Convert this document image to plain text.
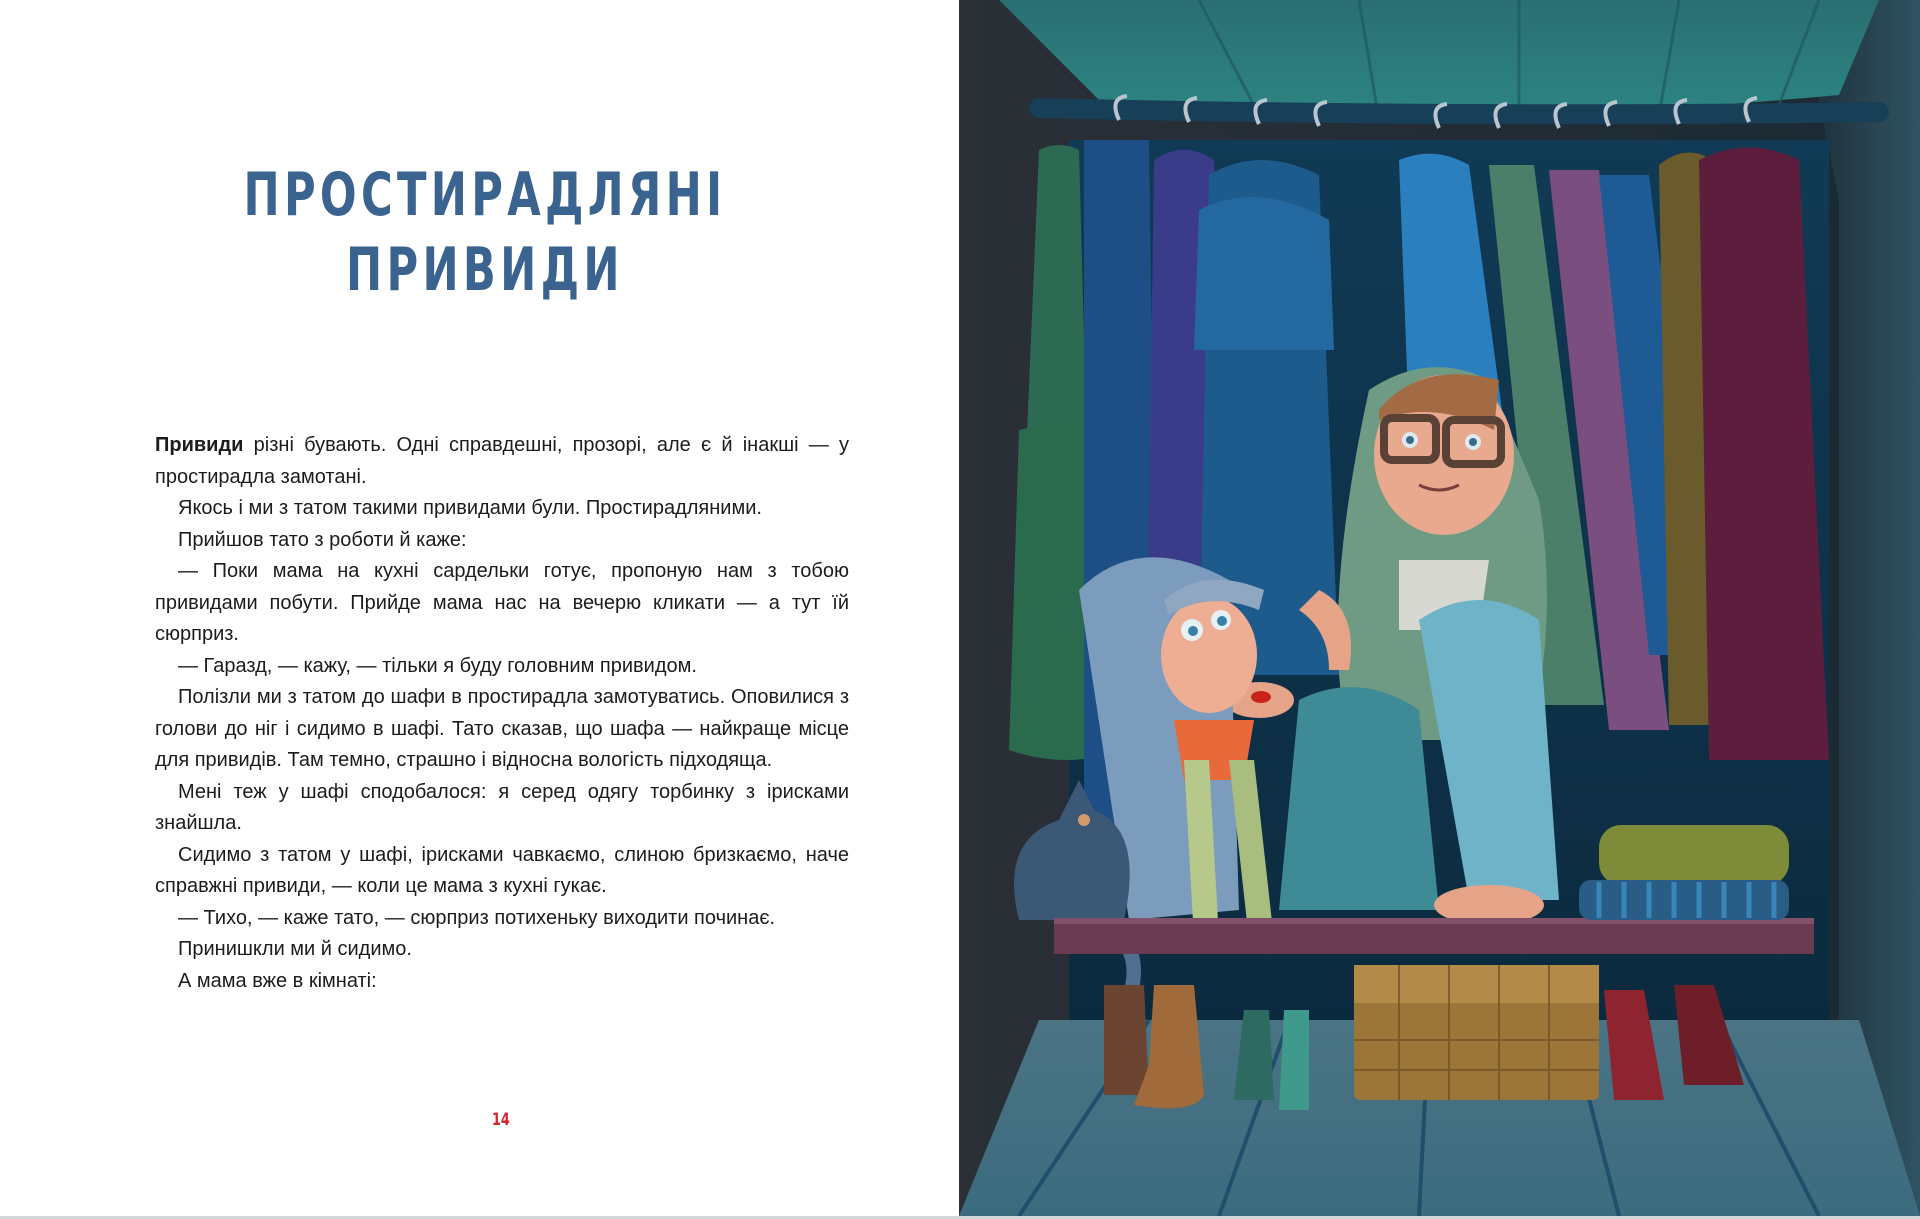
ПРОСТИРАДЛЯНІ
ПРИВИДИ

Привиди різні бувають. Одні справдешні, прозорі, але є й інакші — у простирадла замотані.

Якось і ми з татом такими привидами були. Простирадляними.

Прийшов тато з роботи й каже:

— Поки мама на кухні сардельки готує, пропоную нам з тобою привидами побути. Прийде мама нас на вечерю кликати — а тут їй сюрприз.

— Гаразд, — кажу, — тільки я буду головним привидом.

Полізли ми з татом до шафи в простирадла замотуватись. Оповилися з голови до ніг і сидимо в шафі. Тато сказав, що шафа — найкраще місце для привидів. Там темно, страшно і відносна вологість підходяща.

Мені теж у шафі сподобалося: я серед одягу торбинку з ірисками знайшла.

Сидимо з татом у шафі, ірисками чавкаємо, слиною бризкаємо, наче справжні привиди, — коли це мама з кухні гукає.

— Тихо, — каже тато, — сюрприз потихеньку виходити починає.

Принишкли ми й сидимо.

А мама вже в кімнаті:

14
